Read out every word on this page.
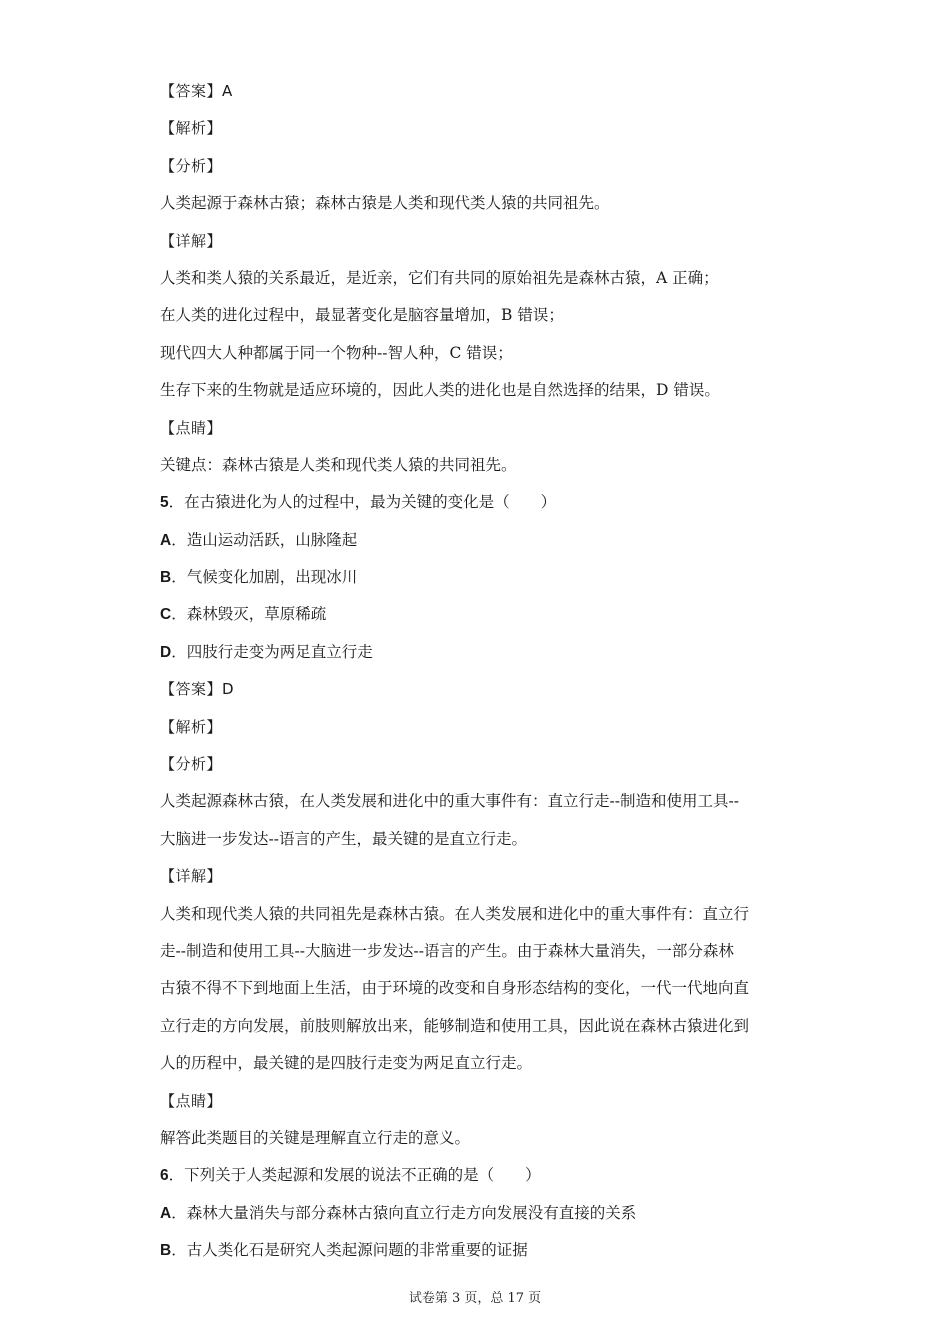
【答案】A
【解析】
【分析】
人类起源于森林古猿；森林古猿是人类和现代类人猿的共同祖先。
【详解】
人类和类人猿的关系最近，是近亲，它们有共同的原始祖先是森林古猿，A 正确；
在人类的进化过程中，最显著变化是脑容量增加，B 错误；
现代四大人种都属于同一个物种--智人种，C 错误；
生存下来的生物就是适应环境的，因此人类的进化也是自然选择的结果，D 错误。
【点睛】
关键点：森林古猿是人类和现代类人猿的共同祖先。
5．在古猿进化为人的过程中，最为关键的变化是（　　）
A．造山运动活跃，山脉隆起
B．气候变化加剧，出现冰川
C．森林毁灭，草原稀疏
D．四肢行走变为两足直立行走
【答案】D
【解析】
【分析】
人类起源森林古猿，在人类发展和进化中的重大事件有：直立行走--制造和使用工具--
大脑进一步发达--语言的产生，最关键的是直立行走。
【详解】
人类和现代类人猿的共同祖先是森林古猿。在人类发展和进化中的重大事件有：直立行
走--制造和使用工具--大脑进一步发达--语言的产生。由于森林大量消失，一部分森林
古猿不得不下到地面上生活，由于环境的改变和自身形态结构的变化，一代一代地向直
立行走的方向发展，前肢则解放出来，能够制造和使用工具，因此说在森林古猿进化到
人的历程中，最关键的是四肢行走变为两足直立行走。
【点睛】
解答此类题目的关键是理解直立行走的意义。
6．下列关于人类起源和发展的说法不正确的是（　　）
A．森林大量消失与部分森林古猿向直立行走方向发展没有直接的关系
B．古人类化石是研究人类起源问题的非常重要的证据
试卷第 3 页，总 17 页
